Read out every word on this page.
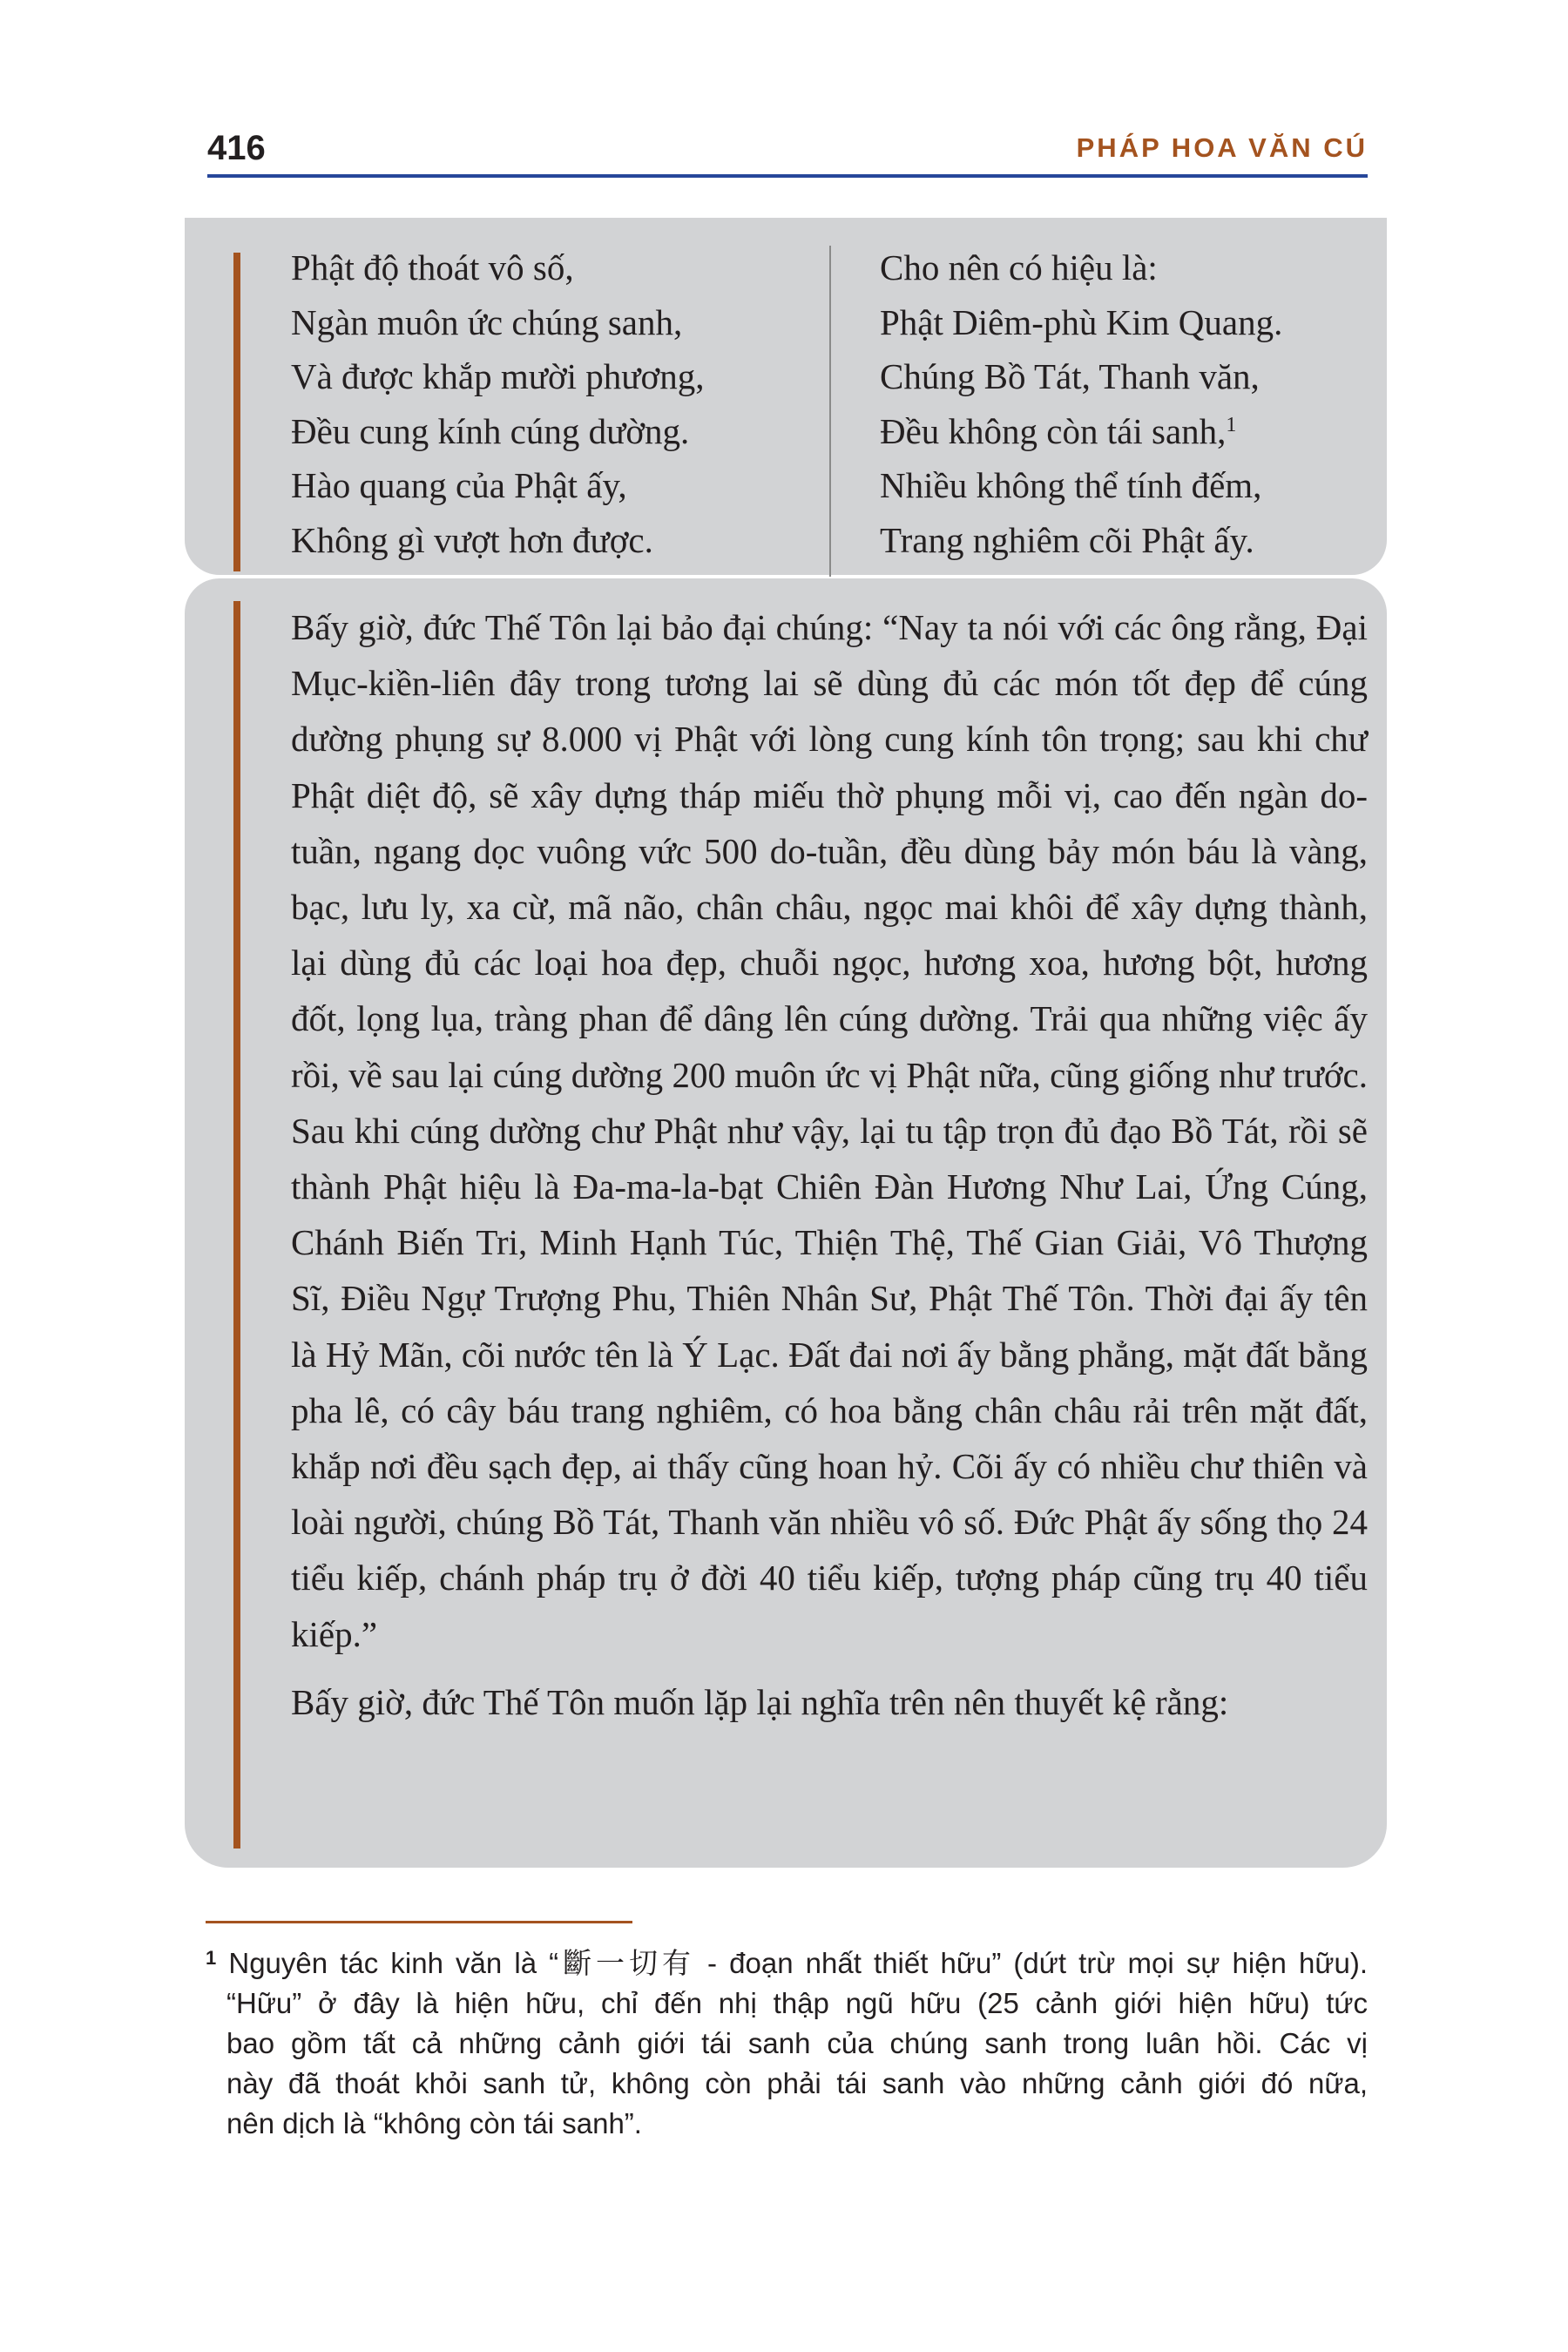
416	PHÁP HOA VĂN CÚ
Phật độ thoát vô số,
Ngàn muôn ức chúng sanh,
Và được khắp mười phương,
Đều cung kính cúng dường.
Hào quang của Phật ấy,
Không gì vượt hơn được.
Cho nên có hiệu là:
Phật Diêm-phù Kim Quang.
Chúng Bồ Tát, Thanh văn,
Đều không còn tái sanh,$^1$
Nhiều không thể tính đếm,
Trang nghiêm cõi Phật ấy.

Bấy giờ, đức Thế Tôn lại bảo đại chúng: “Nay ta nói với các ông rằng, Đại Mục-kiền-liên đây trong tương lai sẽ dùng đủ các món tốt đẹp để cúng dường phụng sự 8.000 vị Phật với lòng cung kính tôn trọng; sau khi chư Phật diệt độ, sẽ xây dựng tháp miếu thờ phụng mỗi vị, cao đến ngàn do-tuần, ngang dọc vuông vức 500 do-tuần, đều dùng bảy món báu là vàng, bạc, lưu ly, xa cừ, mã não, chân châu, ngọc mai khôi để xây dựng thành, lại dùng đủ các loại hoa đẹp, chuỗi ngọc, hương xoa, hương bột, hương đốt, lọng lụa, tràng phan để dâng lên cúng dường. Trải qua những việc ấy rồi, về sau lại cúng dường 200 muôn ức vị Phật nữa, cũng giống như trước. Sau khi cúng dường chư Phật như vậy, lại tu tập trọn đủ đạo Bồ Tát, rồi sẽ thành Phật hiệu là Đa-ma-la-bạt Chiên Đàn Hương Như Lai, Ứng Cúng, Chánh Biến Tri, Minh Hạnh Túc, Thiện Thệ, Thế Gian Giải, Vô Thượng Sĩ, Điều Ngự Trượng Phu, Thiên Nhân Sư, Phật Thế Tôn. Thời đại ấy tên là Hỷ Mãn, cõi nước tên là Ý Lạc. Đất đai nơi ấy bằng phẳng, mặt đất bằng pha lê, có cây báu trang nghiêm, có hoa bằng chân châu rải trên mặt đất, khắp nơi đều sạch đẹp, ai thấy cũng hoan hỷ. Cõi ấy có nhiều chư thiên và loài người, chúng Bồ Tát, Thanh văn nhiều vô số. Đức Phật ấy sống thọ 24 tiểu kiếp, chánh pháp trụ ở đời 40 tiểu kiếp, tượng pháp cũng trụ 40 tiểu kiếp.”

Bấy giờ, đức Thế Tôn muốn lặp lại nghĩa trên nên thuyết kệ rằng:

$^1$ Nguyên tác kinh văn là “斷一切有 - đoạn nhất thiết hữu” (dứt trừ mọi sự hiện hữu).
“Hữu” ở đây là hiện hữu, chỉ đến nhị thập ngũ hữu (25 cảnh giới hiện hữu) tức
bao gồm tất cả những cảnh giới tái sanh của chúng sanh trong luân hồi. Các vị
này đã thoát khỏi sanh tử, không còn phải tái sanh vào những cảnh giới đó nữa,
nên dịch là “không còn tái sanh”.
